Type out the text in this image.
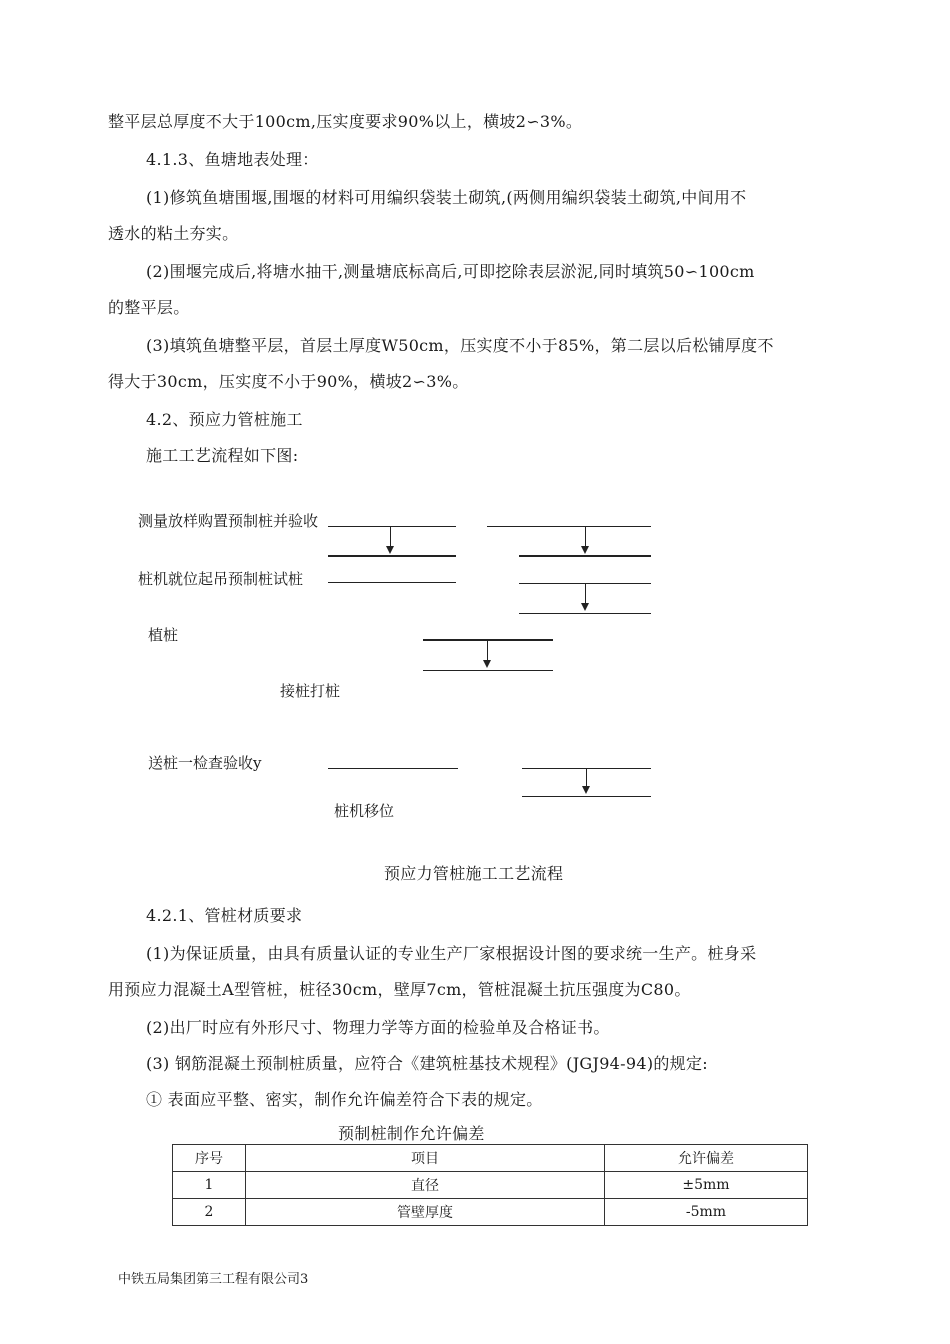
整平层总厚度不大于100cm,压实度要求90%以上，横坡2∽3%。
4.1.3、鱼塘地表处理：
(1)修筑鱼塘围堰,围堰的材料可用编织袋装土砌筑,(两侧用编织袋装土砌筑,中间用不
透水的粘土夯实。
(2)围堰完成后,将塘水抽干,测量塘底标高后,可即挖除表层淤泥,同时填筑50∽100cm
的整平层。
(3)填筑鱼塘整平层，首层土厚度W50cm，压实度不小于85%，第二层以后松铺厚度不
得大于30cm，压实度不小于90%，横坡2∽3%。
4.2、预应力管桩施工
施工工艺流程如下图:
测量放样购置预制桩并验收
桩机就位起吊预制桩试桩
植桩
接桩打桩
送桩一检查验收y
桩机移位
预应力管桩施工工艺流程
4.2.1、管桩材质要求
(1)为保证质量，由具有质量认证的专业生产厂家根据设计图的要求统一生产。桩身采
用预应力混凝土A型管桩，桩径30cm，壁厚7cm，管桩混凝土抗压强度为C80。
(2)出厂时应有外形尺寸、物理力学等方面的检验单及合格证书。
(3) 钢筋混凝土预制桩质量，应符合《建筑桩基技术规程》(JGJ94-94)的规定:
① 表面应平整、密实，制作允许偏差符合下表的规定。
预制桩制作允许偏差
序号	项目	允许偏差
1	直径	±5mm
2	管壁厚度	-5mm
中铁五局集团第三工程有限公司3
